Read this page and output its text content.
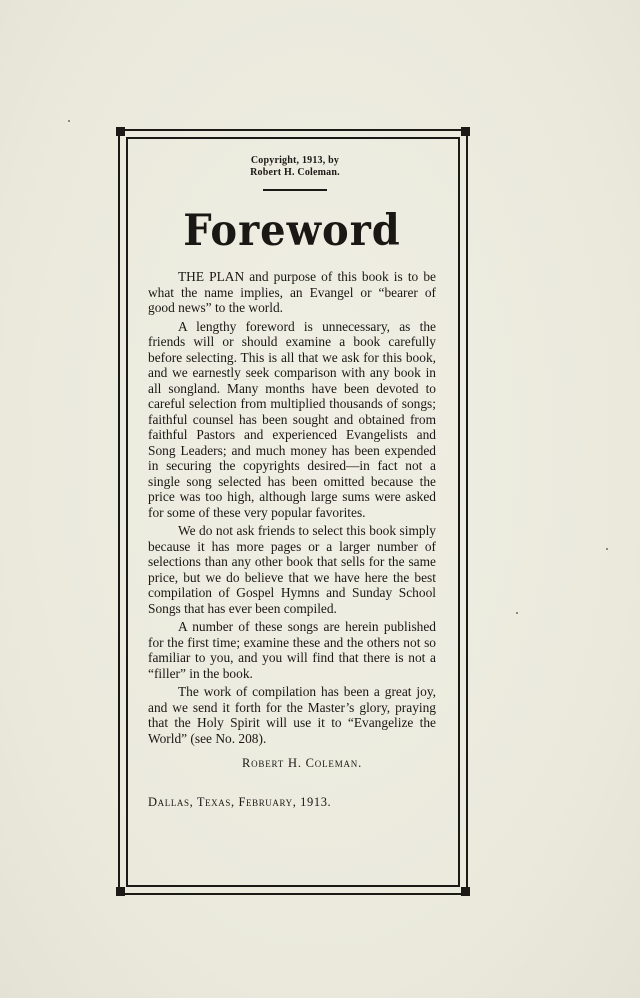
Copyright, 1913, by
Robert H. Coleman.
Foreword

THE PLAN and purpose of this book is to be what the name implies, an Evangel or “bearer of good news” to the world.

A lengthy foreword is unnecessary, as the friends will or should examine a book carefully before selecting. This is all that we ask for this book, and we earnestly seek comparison with any book in all songland. Many months have been devoted to careful selection from multiplied thousands of songs; faithful counsel has been sought and obtained from faithful Pastors and experienced Evangelists and Song Leaders; and much money has been expended in securing the copyrights desired—in fact not a single song selected has been omitted because the price was too high, although large sums were asked for some of these very popular favorites.

We do not ask friends to select this book simply because it has more pages or a larger number of selections than any other book that sells for the same price, but we do believe that we have here the best compilation of Gospel Hymns and Sunday School Songs that has ever been compiled.

A number of these songs are herein published for the first time; examine these and the others not so familiar to you, and you will find that there is not a “filler” in the book.

The work of compilation has been a great joy, and we send it forth for the Master’s glory, praying that the Holy Spirit will use it to “Evangelize the World” (see No. 208).

Robert H. Coleman.
Dallas, Texas, February, 1913.
